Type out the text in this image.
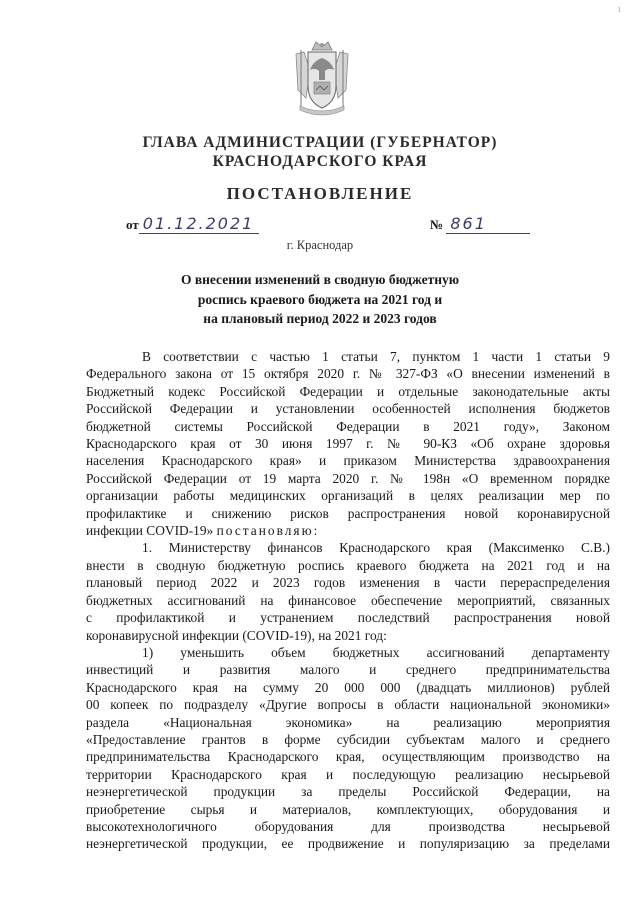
1
ГЛАВА АДМИНИСТРАЦИИ (ГУБЕРНАТОР)
КРАСНОДАРСКОГО КРАЯ
ПОСТАНОВЛЕНИЕ
от 01.12.2021	№ 861
г. Краснодар
О внесении изменений в сводную бюджетную
роспись краевого бюджета на 2021 год и
на плановый период 2022 и 2023 годов

В соответствии с частью 1 статьи 7, пунктом 1 части 1 статьи 9

Федерального закона от 15 октября 2020 г. № 327-ФЗ «О внесении изменений в

Бюджетный кодекс Российской Федерации и отдельные законодательные акты

Российской Федерации и установлении особенностей исполнения бюджетов

бюджетной системы Российской Федерации в 2021 году», Законом

Краснодарского края от 30 июня 1997 г. № 90-КЗ «Об охране здоровья

населения Краснодарского края» и приказом Министерства здравоохранения

Российской Федерации от 19 марта 2020 г. № 198н «О временном порядке

организации работы медицинских организаций в целях реализации мер по

профилактике и снижению рисков распространения новой коронавирусной

инфекции COVID-19» постановляю:

1. Министерству финансов Краснодарского края (Максименко С.В.)

внести в сводную бюджетную роспись краевого бюджета на 2021 год и на

плановый период 2022 и 2023 годов изменения в части перераспределения

бюджетных ассигнований на финансовое обеспечение мероприятий, связанных

с профилактикой и устранением последствий распространения новой

коронавирусной инфекции (COVID-19), на 2021 год:

1) уменьшить объем бюджетных ассигнований департаменту

инвестиций и развития малого и среднего предпринимательства

Краснодарского края на сумму 20 000 000 (двадцать миллионов) рублей

00 копеек по подразделу «Другие вопросы в области национальной экономики»

раздела «Национальная экономика» на реализацию мероприятия

«Предоставление грантов в форме субсидии субъектам малого и среднего

предпринимательства Краснодарского края, осуществляющим производство на

территории Краснодарского края и последующую реализацию несырьевой

неэнергетической продукции за пределы Российской Федерации, на

приобретение сырья и материалов, комплектующих, оборудования и

высокотехнологичного оборудования для производства несырьевой

неэнергетической продукции, ее продвижение и популяризацию за пределами
